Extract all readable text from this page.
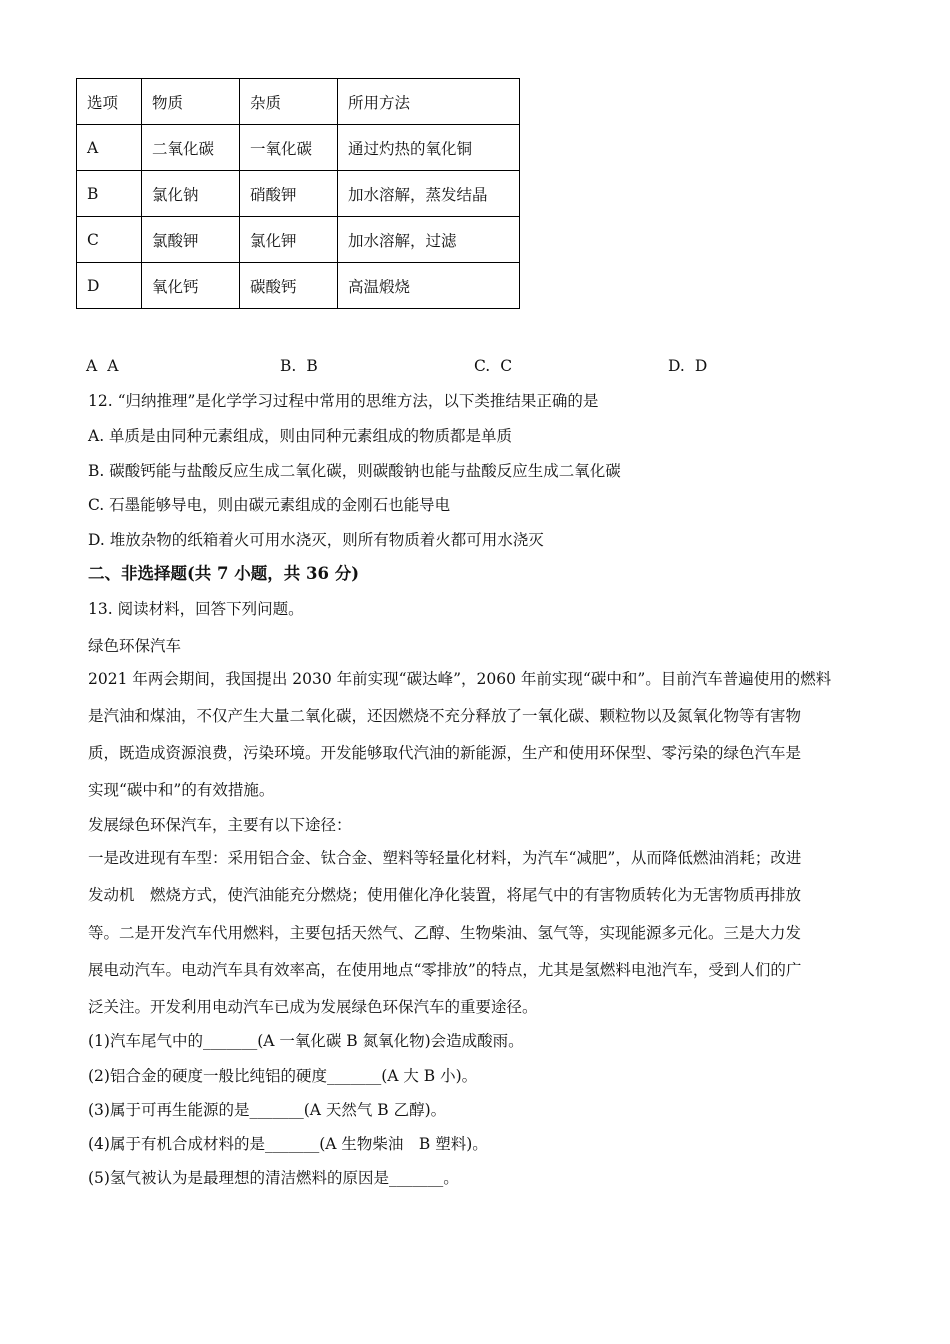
选项	物质	杂质	所用方法
A	二氧化碳	一氧化碳	通过灼热的氧化铜
B	氯化钠	硝酸钾	加水溶解，蒸发结晶
C	氯酸钾	氯化钾	加水溶解，过滤
D	氧化钙	碳酸钙	高温煅烧
A A	B. B	C. C	D. D
12. “归纳推理”是化学学习过程中常用的思维方法，以下类推结果正确的是
A. 单质是由同种元素组成，则由同种元素组成的物质都是单质
B. 碳酸钙能与盐酸反应生成二氧化碳，则碳酸钠也能与盐酸反应生成二氧化碳
C. 石墨能够导电，则由碳元素组成的金刚石也能导电
D. 堆放杂物的纸箱着火可用水浇灭，则所有物质着火都可用水浇灭
二、非选择题(共 7 小题，共 36 分)
13. 阅读材料，回答下列问题。
绿色环保汽车
2021 年两会期间，我国提出 2030 年前实现“碳达峰”，2060 年前实现“碳中和”。目前汽车普遍使用的燃料
是汽油和煤油，不仅产生大量二氧化碳，还因燃烧不充分释放了一氧化碳、颗粒物以及氮氧化物等有害物
质，既造成资源浪费，污染环境。开发能够取代汽油的新能源，生产和使用环保型、零污染的绿色汽车是
实现“碳中和”的有效措施。
发展绿色环保汽车，主要有以下途径：
一是改进现有车型：采用铝合金、钛合金、塑料等轻量化材料，为汽车“减肥”，从而降低燃油消耗；改进
发动机　燃烧方式，使汽油能充分燃烧；使用催化净化装置，将尾气中的有害物质转化为无害物质再排放
等。二是开发汽车代用燃料，主要包括天然气、乙醇、生物柴油、氢气等，实现能源多元化。三是大力发
展电动汽车。电动汽车具有效率高，在使用地点“零排放”的特点，尤其是氢燃料电池汽车，受到人们的广
泛关注。开发利用电动汽车已成为发展绿色环保汽车的重要途径。
(1)汽车尾气中的_______(A 一氧化碳 B 氮氧化物)会造成酸雨。
(2)铝合金的硬度一般比纯铝的硬度_______(A 大 B 小)。
(3)属于可再生能源的是_______(A 天然气 B 乙醇)。
(4)属于有机合成材料的是_______(A 生物柴油　B 塑料)。
(5)氢气被认为是最理想的清洁燃料的原因是_______。
